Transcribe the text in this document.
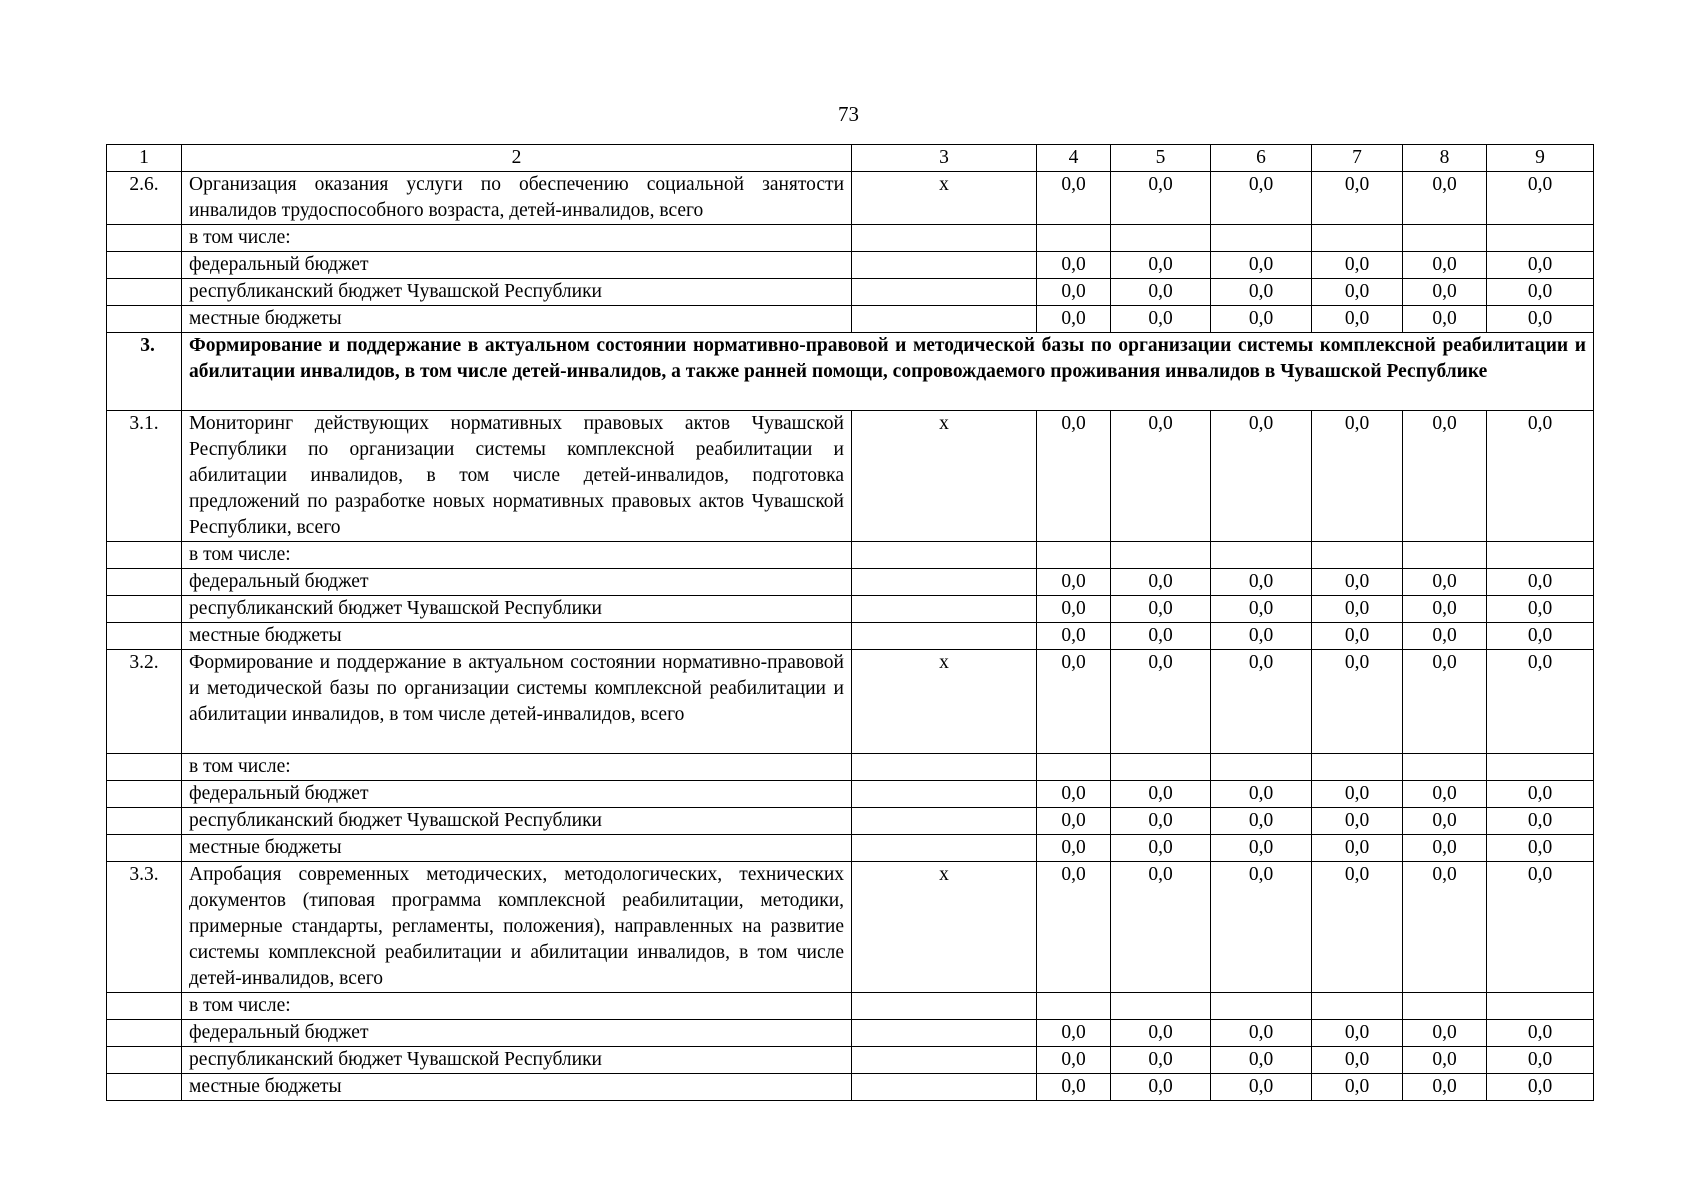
73
1	2	3	4	5	6	7	8	9
2.6.	Организация оказания услуги по обеспечению социальной занятости инвалидов трудоспособного возраста, детей-инвалидов, всего	х	0,0	0,0	0,0	0,0	0,0	0,0
	в том числе:							
	федеральный бюджет		0,0	0,0	0,0	0,0	0,0	0,0
	республиканский бюджет Чувашской Республики		0,0	0,0	0,0	0,0	0,0	0,0
	местные бюджеты		0,0	0,0	0,0	0,0	0,0	0,0
3.	Формирование и поддержание в актуальном состоянии нормативно-правовой и методической базы по организации системы комплексной реабилитации и абилитации инвалидов, в том числе детей-инвалидов, а также ранней помощи, сопровождаемого проживания инвалидов в Чувашской Республике							
3.1.	Мониторинг действующих нормативных правовых актов Чувашской Республики по организации системы комплексной реабилитации и абилитации инвалидов, в том числе детей-инвалидов, подготовка предложений по разработке новых нормативных правовых актов Чувашской Республики, всего	х	0,0	0,0	0,0	0,0	0,0	0,0
	в том числе:							
	федеральный бюджет		0,0	0,0	0,0	0,0	0,0	0,0
	республиканский бюджет Чувашской Республики		0,0	0,0	0,0	0,0	0,0	0,0
	местные бюджеты		0,0	0,0	0,0	0,0	0,0	0,0
3.2.	Формирование и поддержание в актуальном состоянии нормативно-правовой и методической базы по организации системы комплексной реабилитации и абилитации инвалидов, в том числе детей-инвалидов, всего	х	0,0	0,0	0,0	0,0	0,0	0,0
	в том числе:							
	федеральный бюджет		0,0	0,0	0,0	0,0	0,0	0,0
	республиканский бюджет Чувашской Республики		0,0	0,0	0,0	0,0	0,0	0,0
	местные бюджеты		0,0	0,0	0,0	0,0	0,0	0,0
3.3.	Апробация современных методических, методологических, технических документов (типовая программа комплексной реабилитации, методики, примерные стандарты, регламенты, положения), направленных на развитие системы комплексной реабилитации и абилитации инвалидов, в том числе детей-инвалидов, всего	х	0,0	0,0	0,0	0,0	0,0	0,0
	в том числе:							
	федеральный бюджет		0,0	0,0	0,0	0,0	0,0	0,0
	республиканский бюджет Чувашской Республики		0,0	0,0	0,0	0,0	0,0	0,0
	местные бюджеты		0,0	0,0	0,0	0,0	0,0	0,0
